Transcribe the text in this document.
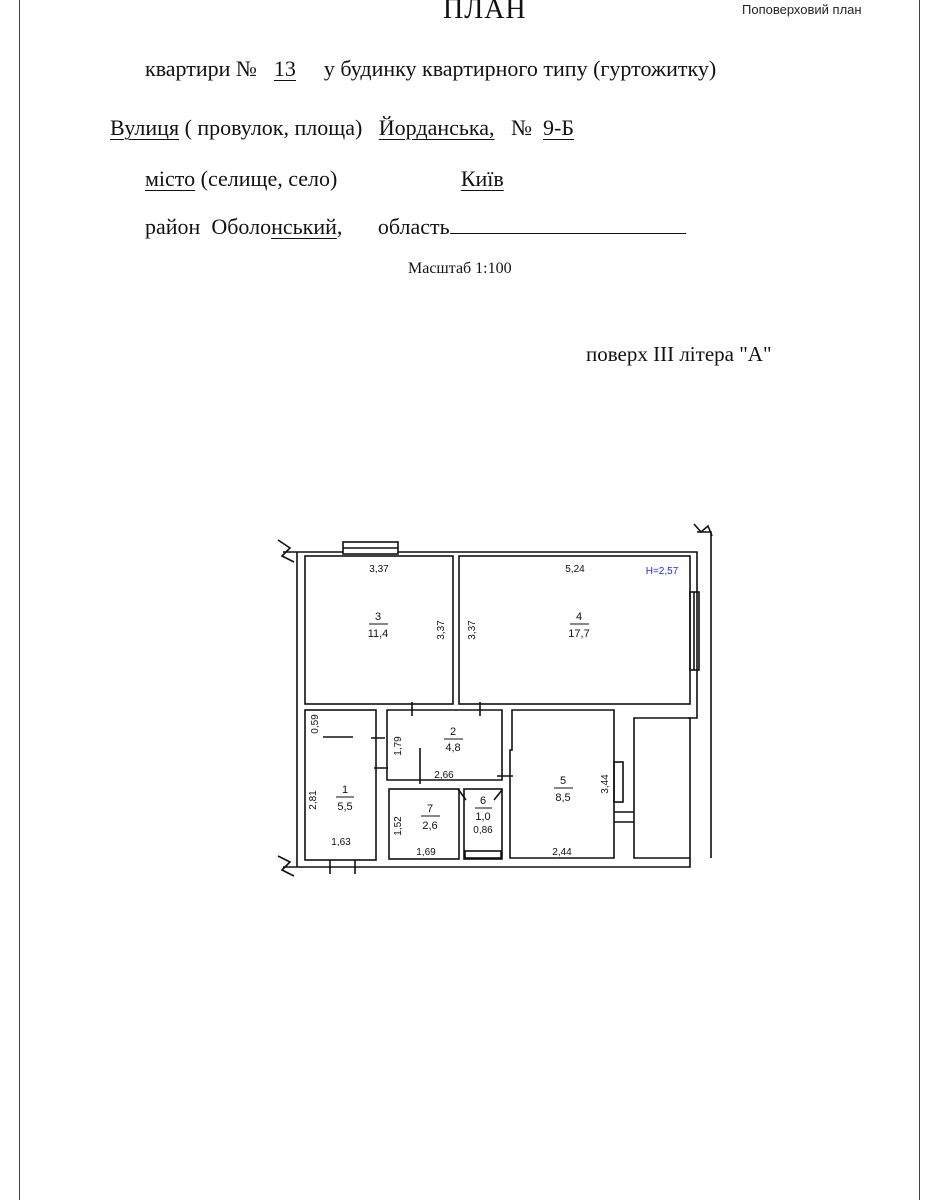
ПЛАН	Поповерховий план
квартири № 13 у будинку квартирного типу (гуртожитку)
Вулиця ( провулок, площа) Йорданська, № 9-Б
місто (селище, село)	Київ
район Оболонський, область
Масштаб 1:100
поверх ІІІ літера "А"
3
11,4
4
17,7
2
4,8
1
5,5	7
2,6
6
1,0
5
8,5
3,37
3,37
5,24
3,37
H=2,57
1,79
2,66
0,59
2,81
1,63
1,52
1,69
0,86
3,44
2,44
